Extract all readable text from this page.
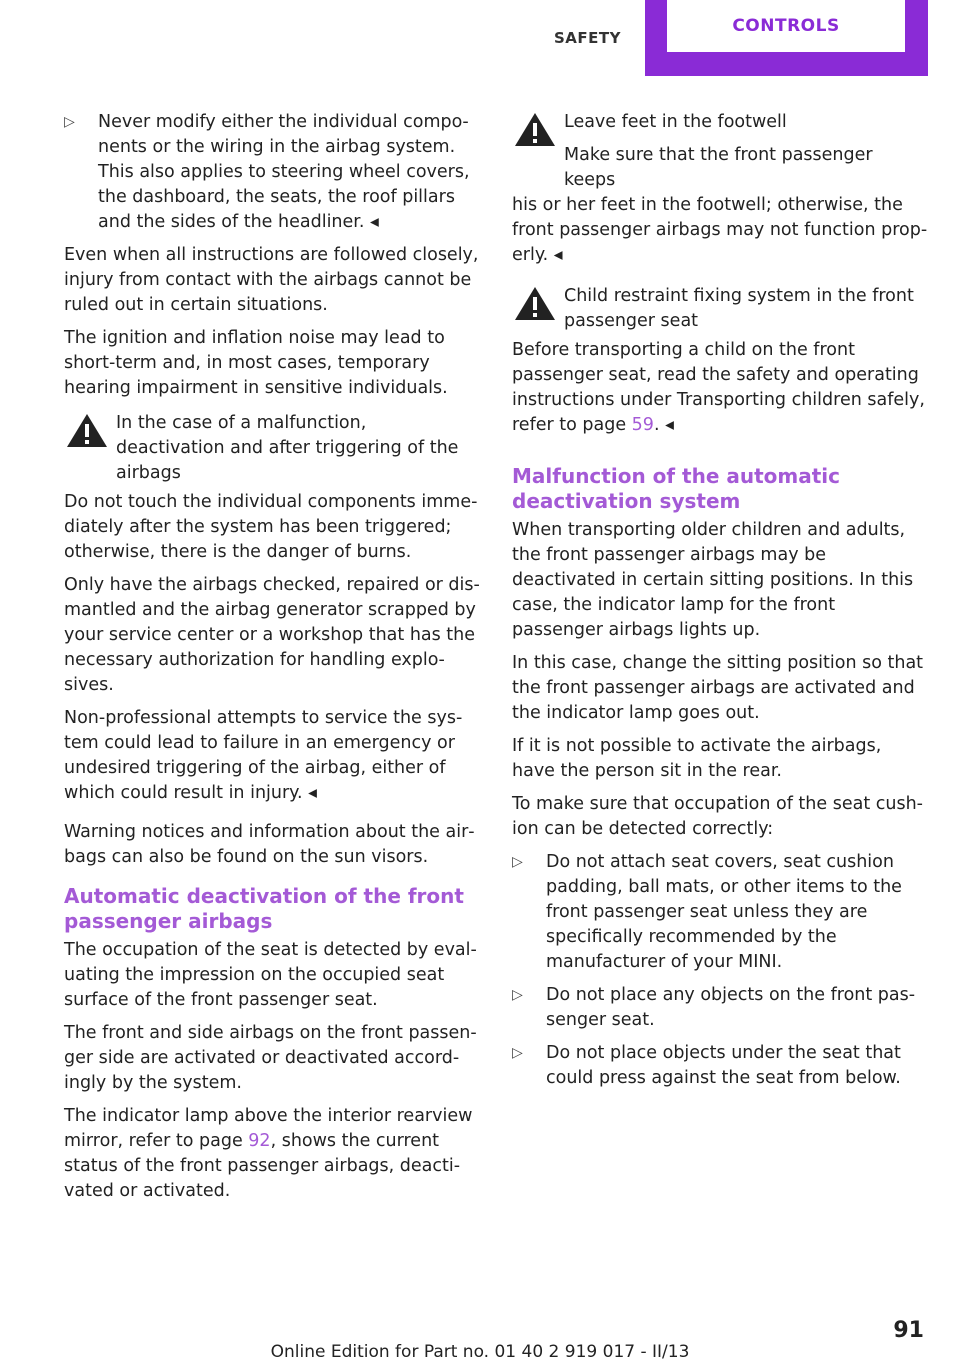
SAFETY
CONTROLS
▷	Never modify either the individual components or the wiring in the airbag system. This also applies to steering wheel covers, the dashboard, the seats, the roof pillars and the sides of the headliner. ◂

Even when all instructions are followed closely, injury from contact with the airbags cannot be ruled out in certain situations.

The ignition and inflation noise may lead to short-term and, in most cases, temporary hearing impairment in sensitive individuals.

In the case of a malfunction, deactivation and after triggering of the airbags

Do not touch the individual components immediately after the system has been triggered; otherwise, there is the danger of burns.

Only have the airbags checked, repaired or dismantled and the airbag generator scrapped by your service center or a workshop that has the necessary authorization for handling explosives.

Non-professional attempts to service the system could lead to failure in an emergency or undesired triggering of the airbag, either of which could result in injury. ◂

Warning notices and information about the airbags can also be found on the sun visors.

Automatic deactivation of the front passenger airbags

The occupation of the seat is detected by evaluating the impression on the occupied seat surface of the front passenger seat.

The front and side airbags on the front passenger side are activated or deactivated accordingly by the system.

The indicator lamp above the interior rearview mirror, refer to page 92, shows the current status of the front passenger airbags, deactivated or activated.

Leave feet in the footwell
Make sure that the front passenger keeps

his or her feet in the footwell; otherwise, the front passenger airbags may not function properly. ◂

Child restraint fixing system in the front passenger seat

Before transporting a child on the front passenger seat, read the safety and operating instructions under Transporting children safely, refer to page 59. ◂

Malfunction of the automatic deactivation system

When transporting older children and adults, the front passenger airbags may be deactivated in certain sitting positions. In this case, the indicator lamp for the front passenger airbags lights up.

In this case, change the sitting position so that the front passenger airbags are activated and the indicator lamp goes out.

If it is not possible to activate the airbags, have the person sit in the rear.

To make sure that occupation of the seat cushion can be detected correctly:

▷	Do not attach seat covers, seat cushion padding, ball mats, or other items to the front passenger seat unless they are specifically recommended by the manufacturer of your MINI.
▷	Do not place any objects on the front passenger seat.
▷	Do not place objects under the seat that could press against the seat from below.
91
Online Edition for Part no. 01 40 2 919 017 - II/13
